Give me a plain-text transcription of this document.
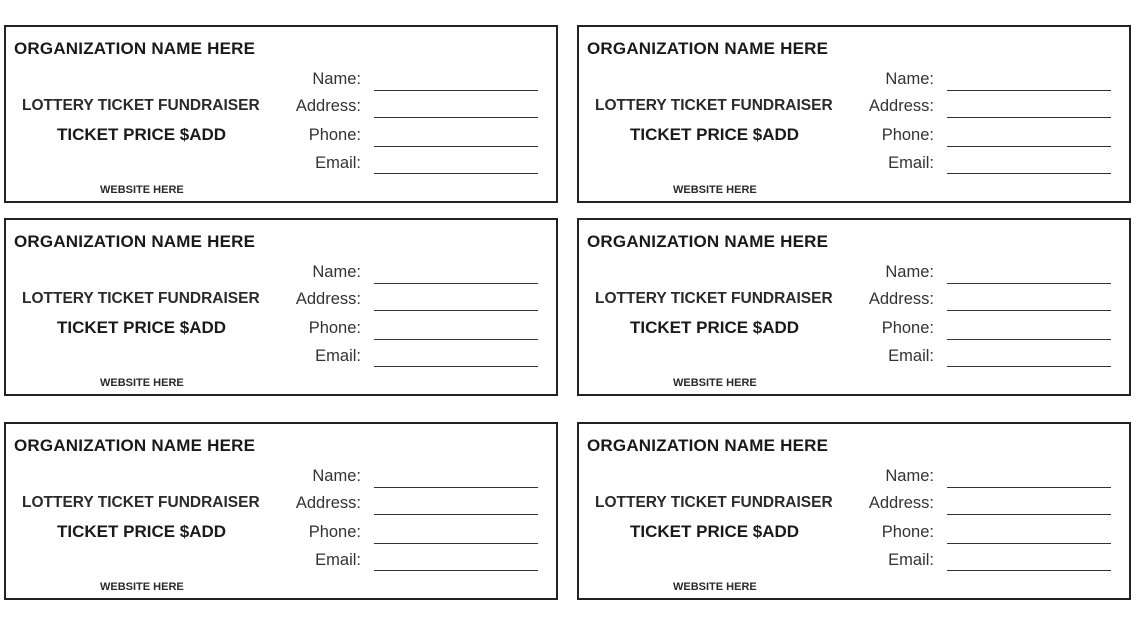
ORGANIZATION NAME HERE
LOTTERY TICKET FUNDRAISER
TICKET PRICE $ADD
WEBSITE HERE
Name:
Address:
Phone:
Email:
ORGANIZATION NAME HERE
LOTTERY TICKET FUNDRAISER
TICKET PRICE $ADD
WEBSITE HERE
Name:
Address:
Phone:
Email:
ORGANIZATION NAME HERE
LOTTERY TICKET FUNDRAISER
TICKET PRICE $ADD
WEBSITE HERE
Name:
Address:
Phone:
Email:
ORGANIZATION NAME HERE
LOTTERY TICKET FUNDRAISER
TICKET PRICE $ADD
WEBSITE HERE
Name:
Address:
Phone:
Email:
ORGANIZATION NAME HERE
LOTTERY TICKET FUNDRAISER
TICKET PRICE $ADD
WEBSITE HERE
Name:
Address:
Phone:
Email:
ORGANIZATION NAME HERE
LOTTERY TICKET FUNDRAISER
TICKET PRICE $ADD
WEBSITE HERE
Name:
Address:
Phone:
Email:
